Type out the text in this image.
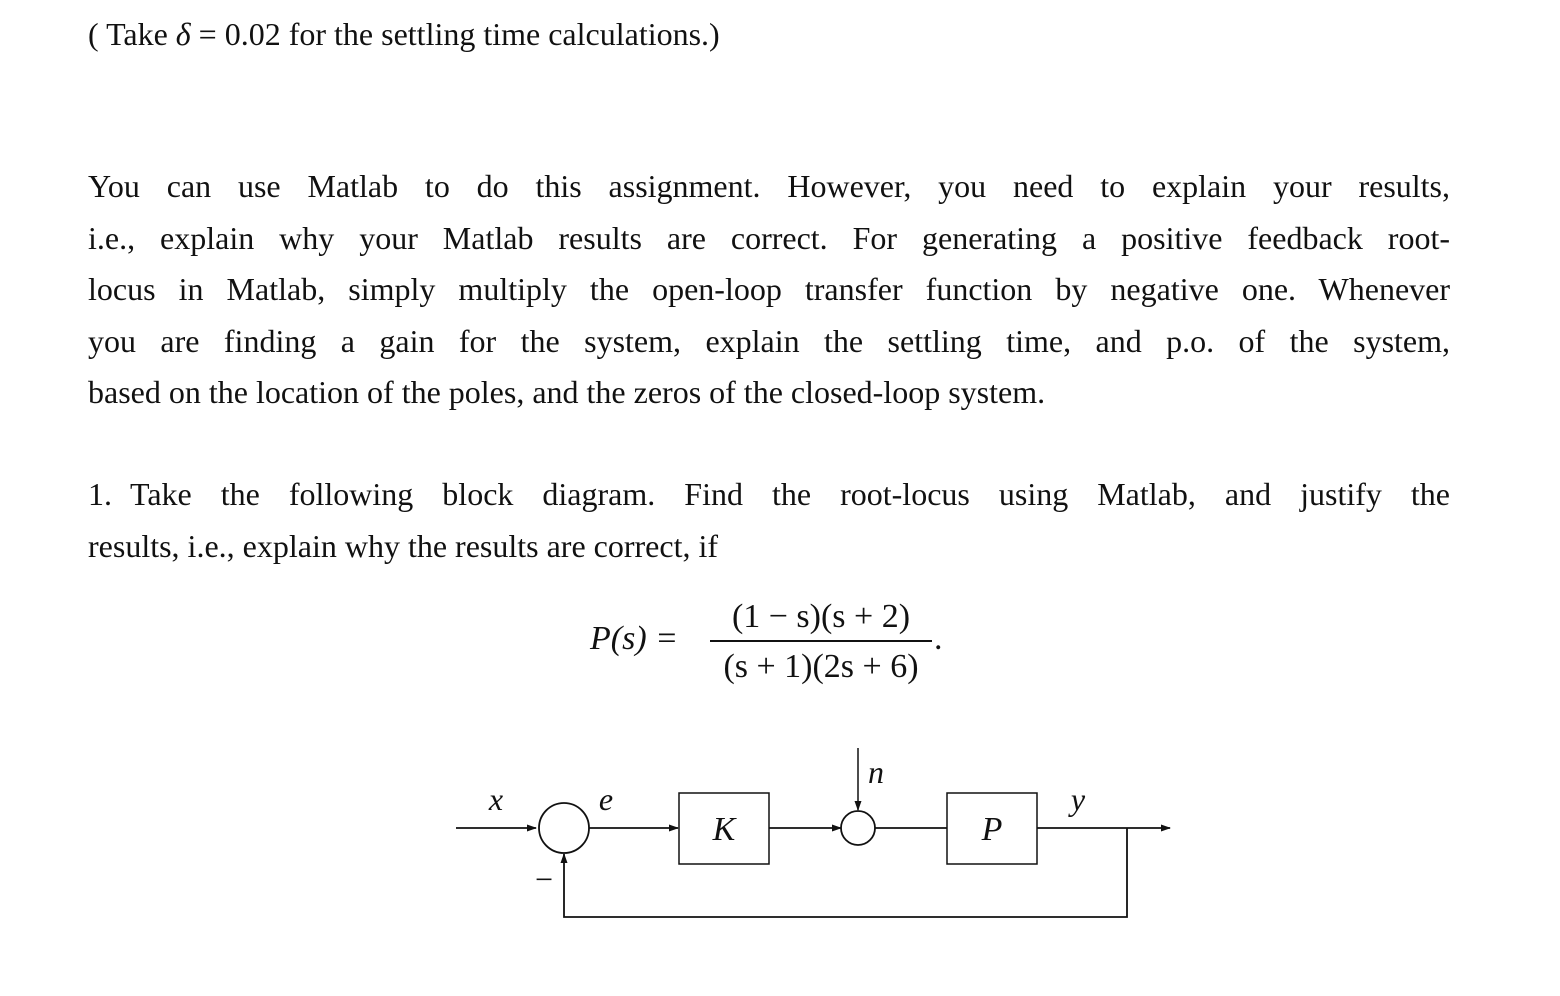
( Take δ = 0.02 for the settling time calculations.)
You can use Matlab to do this assignment. However, you need to explain your results,
i.e., explain why your Matlab results are correct. For generating a positive feedback root-
locus in Matlab, simply multiply the open-loop transfer function by negative one. Whenever
you are finding a gain for the system, explain the settling time, and p.o. of the system,
based on the location of the poles, and the zeros of the closed-loop system.
1. Take the following block diagram. Find the root-locus using Matlab, and justify the
results, i.e., explain why the results are correct, if
P(s) =
(1 − s)(s + 2)
(s + 1)(2s + 6)
.
x	e
n
y
K	P
−
